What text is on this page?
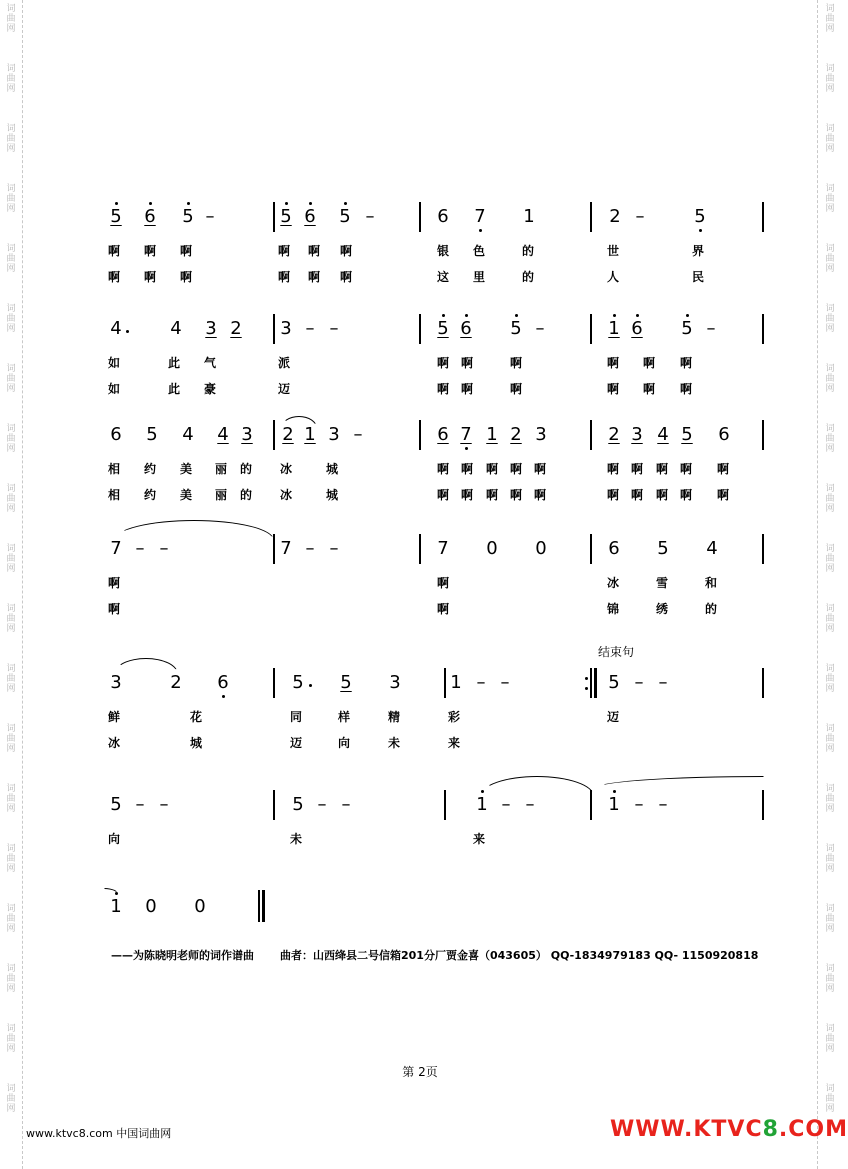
词
曲
网
词
曲
网
词
曲
网
词
曲
网
词
曲
网
词
曲
网
词
曲
网
词
曲
网
词
曲
网
词
曲
网
词
曲
网
词
曲
网
词
曲
网
词
曲
网
词
曲
网
词
曲
网
词
曲
网
词
曲
网
词
曲
网
词
曲
网
词
曲
网
词
曲
网
词
曲
网
词
曲
网
词
曲
网
词
曲
网
词
曲
网
词
曲
网
词
曲
网
词
曲
网
词
曲
网
词
曲
网
词
曲
网
词
曲
网
词
曲
网
词
曲
网
词
曲
网
词
曲
网
5 6 5 –	5 6 5 –	6 7 1	2 –	5
啊 啊 啊	啊 啊 啊	银 色	的	世	界
啊 啊 啊	啊 啊 啊	这 里	的	人	民
4	4 3 2 3 – –	5 6 5 –	1 6 5 –
如	此 气	派	啊 啊	啊	啊 啊 啊
如	此 豪	迈	啊 啊	啊	啊 啊 啊
6 5 4 4 3 2 1 3 –	6 7 1 2 3	2 3 4 5 6
相 约 美 丽 的 冰	城	啊 啊 啊 啊 啊	啊 啊 啊 啊 啊
相 约 美 丽 的 冰	城	啊 啊 啊 啊 啊	啊 啊 啊 啊 啊
7 – –	7 – –	7 0 0	6 5 4
啊	啊	冰	雪	和
啊	啊	锦	绣	的
结束句
3	2 6	5 5 3	1 – –	5 – –
鲜	花	同	样	精	彩	迈
冰	城	迈	向	未	来
5 – –	5 – –	1 – –	1 – –
向	未	来
1 0 0
——为陈晓明老师的词作谱曲 曲者：山西绛县二号信箱201分厂贾金喜（043605） QQ-1834979183 QQ- 1150920818
第 2页
www.ktvc8.com 中国词曲网	WWW.KTVC8.COM
